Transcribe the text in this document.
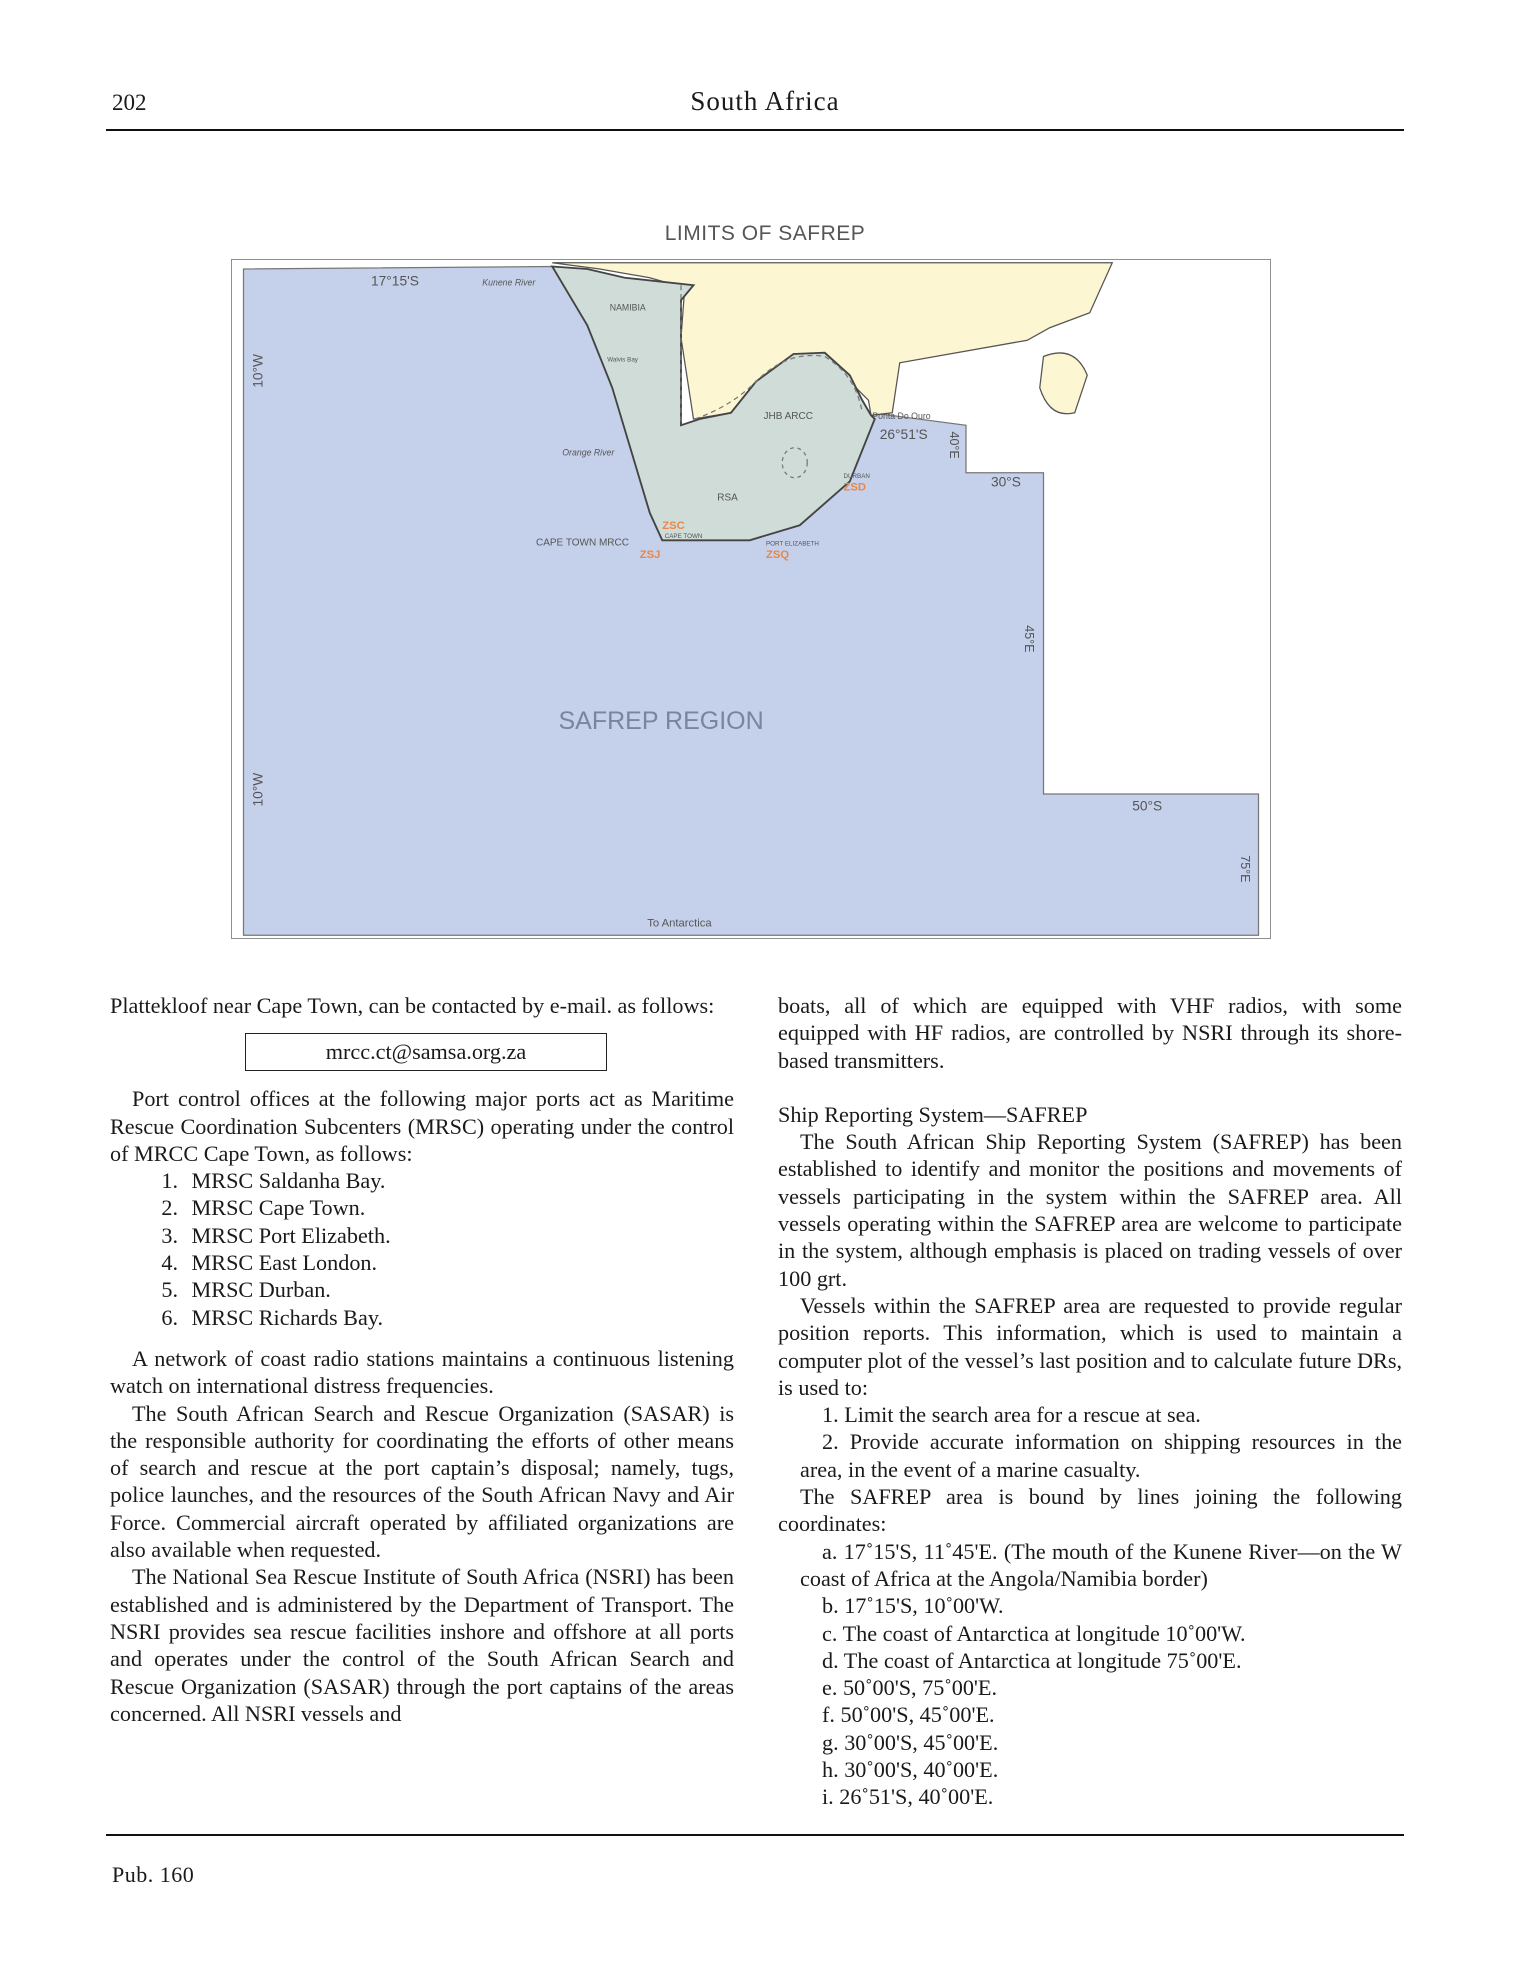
202	South Africa
LIMITS OF SAFREP
17°15'S	Kunene River
NAMIBIA
Walvis Bay
10°W
10°W
Orange River
JHB ARCC	Ponta Do Ouro
26°51'S 40°E
30°S
DURBAN
ZSD
RSA
ZSC
CAPE TOWN
CAPE TOWN MRCC
ZSJ
PORT ELIZABETH
ZSQ
45°E
SAFREP REGION
50°S
75°E
To Antarctica

Plattekloof near Cape Town, can be contacted by e-mail. as follows:

mrcc.ct@samsa.org.za

Port control offices at the following major ports act as Maritime Rescue Coordination Subcenters (MRSC) operating under the control of MRCC Cape Town, as follows:

1. MRSC Saldanha Bay.

2. MRSC Cape Town.

3. MRSC Port Elizabeth.

4. MRSC East London.

5. MRSC Durban.

6. MRSC Richards Bay.

A network of coast radio stations maintains a continuous listening watch on international distress frequencies.

The South African Search and Rescue Organization (SASAR) is the responsible authority for coordinating the efforts of other means of search and rescue at the port captain’s disposal; namely, tugs, police launches, and the resources of the South African Navy and Air Force. Commercial aircraft operated by affiliated organizations are also available when requested.

The National Sea Rescue Institute of South Africa (NSRI) has been established and is administered by the Department of Transport. The NSRI provides sea rescue facilities inshore and offshore at all ports and operates under the control of the South African Search and Rescue Organization (SASAR) through the port captains of the areas concerned. All NSRI vessels and

boats, all of which are equipped with VHF radios, with some equipped with HF radios, are controlled by NSRI through its shore-based transmitters.

Ship Reporting System—SAFREP

The South African Ship Reporting System (SAFREP) has been established to identify and monitor the positions and movements of vessels participating in the system within the SAFREP area. All vessels operating within the SAFREP area are welcome to participate in the system, although emphasis is placed on trading vessels of over 100 grt.

Vessels within the SAFREP area are requested to provide regular position reports. This information, which is used to maintain a computer plot of the vessel’s last position and to calculate future DRs, is used to:

1. Limit the search area for a rescue at sea.

2. Provide accurate information on shipping resources in the area, in the event of a marine casualty.

The SAFREP area is bound by lines joining the following coordinates:

a. 17˚15'S, 11˚45'E. (The mouth of the Kunene River—on the W coast of Africa at the Angola/Namibia border)

b. 17˚15'S, 10˚00'W.

c. The coast of Antarctica at longitude 10˚00'W.

d. The coast of Antarctica at longitude 75˚00'E.

e. 50˚00'S, 75˚00'E.

f. 50˚00'S, 45˚00'E.

g. 30˚00'S, 45˚00'E.

h. 30˚00'S, 40˚00'E.

i. 26˚51'S, 40˚00'E.

Pub. 160
